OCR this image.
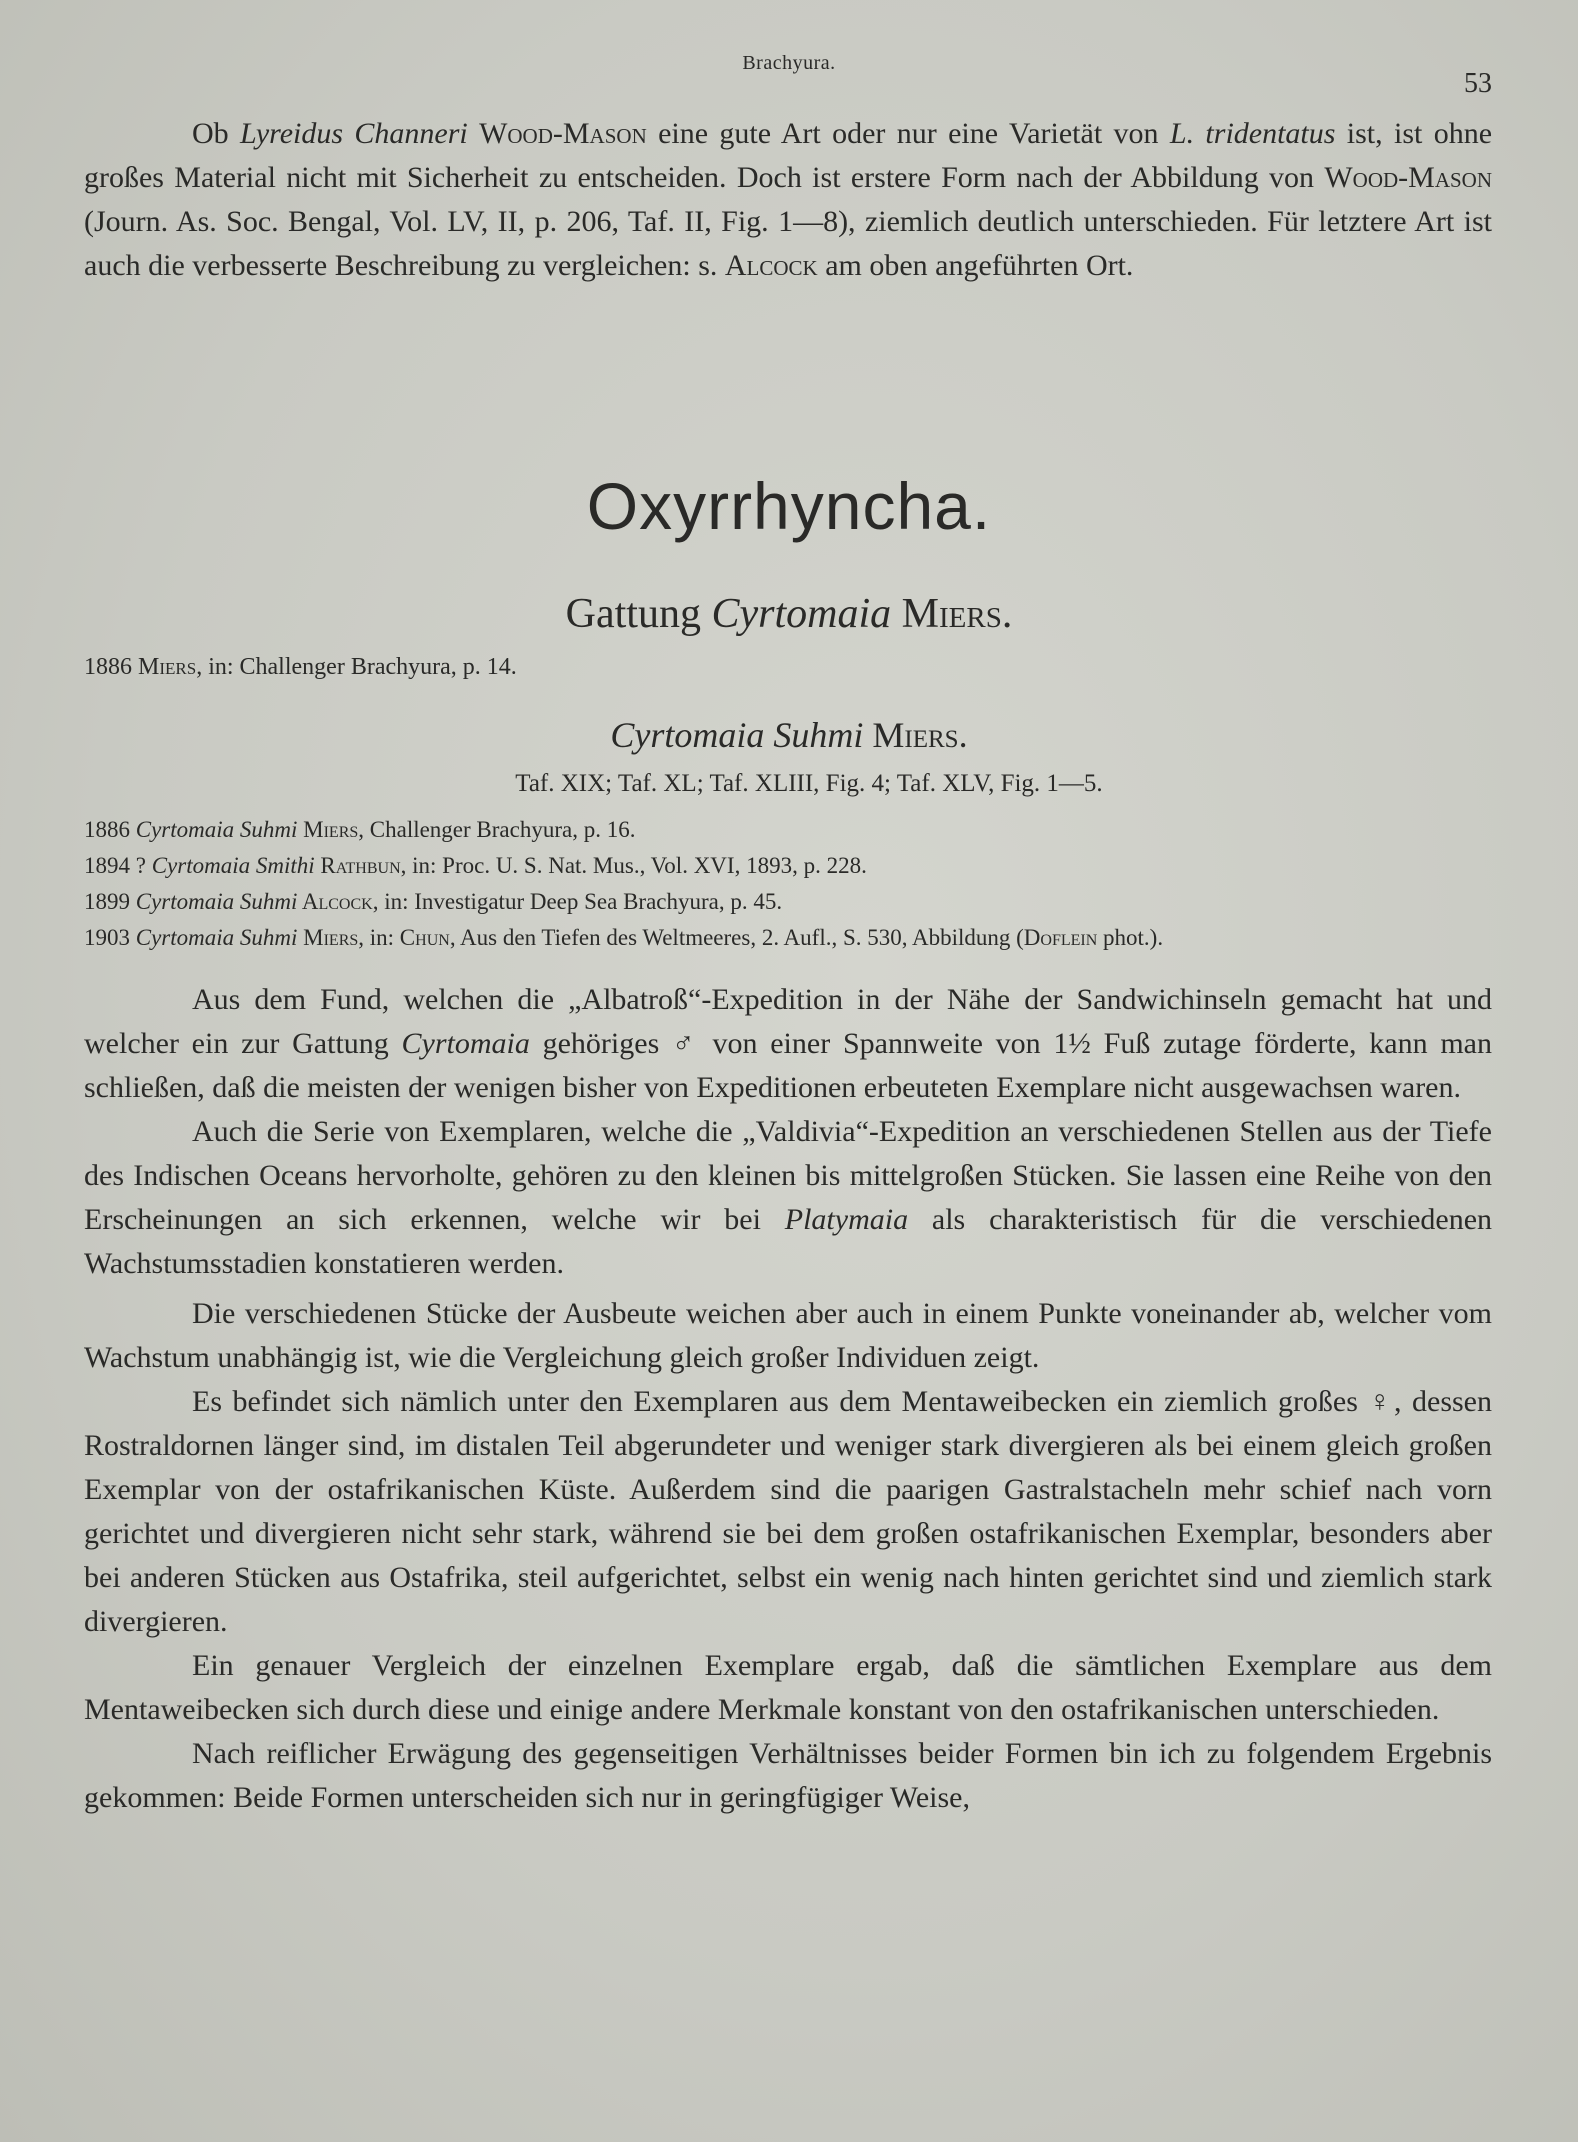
Brachyura.
53

Ob Lyreidus Channeri Wood-Mason eine gute Art oder nur eine Varietät von L. tridentatus ist, ist ohne großes Material nicht mit Sicherheit zu entscheiden. Doch ist erstere Form nach der Abbildung von Wood-Mason (Journ. As. Soc. Bengal, Vol. LV, II, p. 206, Taf. II, Fig. 1—8), ziemlich deutlich unterschieden. Für letztere Art ist auch die verbesserte Beschreibung zu vergleichen: s. Alcock am oben angeführten Ort.

Oxyrrhyncha.
Gattung Cyrtomaia Miers.
1886 Miers, in: Challenger Brachyura, p. 14.
Cyrtomaia Suhmi Miers.
Taf. XIX; Taf. XL; Taf. XLIII, Fig. 4; Taf. XLV, Fig. 1—5.
1886 Cyrtomaia Suhmi Miers, Challenger Brachyura, p. 16.
1894 ? Cyrtomaia Smithi Rathbun, in: Proc. U. S. Nat. Mus., Vol. XVI, 1893, p. 228.
1899 Cyrtomaia Suhmi Alcock, in: Investigatur Deep Sea Brachyura, p. 45.
1903 Cyrtomaia Suhmi Miers, in: Chun, Aus den Tiefen des Weltmeeres, 2. Aufl., S. 530, Abbildung (Doflein phot.).

Aus dem Fund, welchen die „Albatroß“-Expedition in der Nähe der Sandwichinseln gemacht hat und welcher ein zur Gattung Cyrtomaia gehöriges ♂ von einer Spannweite von 1½ Fuß zutage förderte, kann man schließen, daß die meisten der wenigen bisher von Expeditionen erbeuteten Exemplare nicht ausgewachsen waren.

Auch die Serie von Exemplaren, welche die „Valdivia“-Expedition an verschiedenen Stellen aus der Tiefe des Indischen Oceans hervorholte, gehören zu den kleinen bis mittelgroßen Stücken. Sie lassen eine Reihe von den Erscheinungen an sich erkennen, welche wir bei Platymaia als charakteristisch für die verschiedenen Wachstumsstadien konstatieren werden.

Die verschiedenen Stücke der Ausbeute weichen aber auch in einem Punkte voneinander ab, welcher vom Wachstum unabhängig ist, wie die Vergleichung gleich großer Individuen zeigt.

Es befindet sich nämlich unter den Exemplaren aus dem Mentaweibecken ein ziemlich großes ♀, dessen Rostraldornen länger sind, im distalen Teil abgerundeter und weniger stark divergieren als bei einem gleich großen Exemplar von der ostafrikanischen Küste. Außerdem sind die paarigen Gastralstacheln mehr schief nach vorn gerichtet und divergieren nicht sehr stark, während sie bei dem großen ostafrikanischen Exemplar, besonders aber bei anderen Stücken aus Ostafrika, steil aufgerichtet, selbst ein wenig nach hinten gerichtet sind und ziemlich stark divergieren.

Ein genauer Vergleich der einzelnen Exemplare ergab, daß die sämtlichen Exemplare aus dem Mentaweibecken sich durch diese und einige andere Merkmale konstant von den ostafrikanischen unterschieden.

Nach reiflicher Erwägung des gegenseitigen Verhältnisses beider Formen bin ich zu folgendem Ergebnis gekommen: Beide Formen unterscheiden sich nur in geringfügiger Weise,
